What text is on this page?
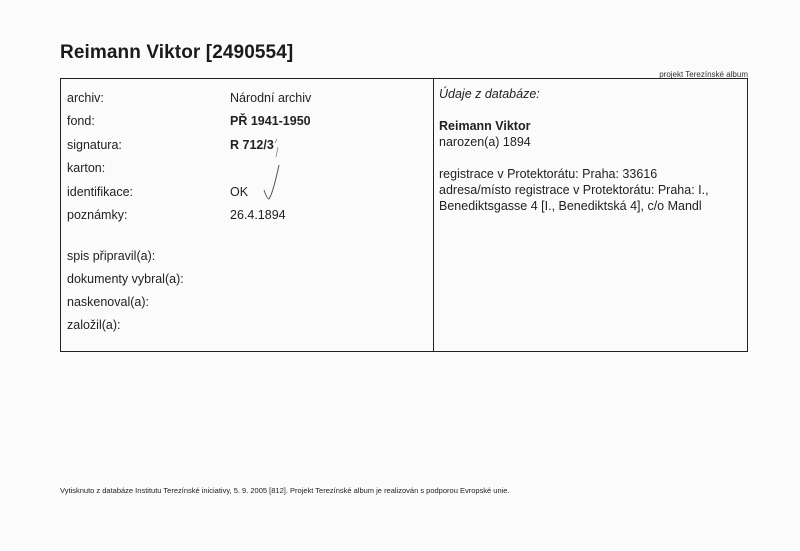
Reimann Viktor [2490554]
projekt Terezínské album
archiv:	Národní archiv
fond:	PŘ 1941-1950
signatura:	R 712/3
karton:
identifikace:	OK
poznámky:	26.4.1894
spis připravil(a):
dokumenty vybral(a):
naskenoval(a):
založil(a):
Údaje z databáze:
Reimann Viktor
narozen(a) 1894
registrace v Protektorátu: Praha: 33616
adresa/místo registrace v Protektorátu: Praha: I.,
Benediktsgasse 4 [I., Benediktská 4], c/o Mandl
Vytisknuto z databáze Institutu Terezínské iniciativy, 5. 9. 2005 [812]. Projekt Terezínské album je realizován s podporou Evropské unie.
